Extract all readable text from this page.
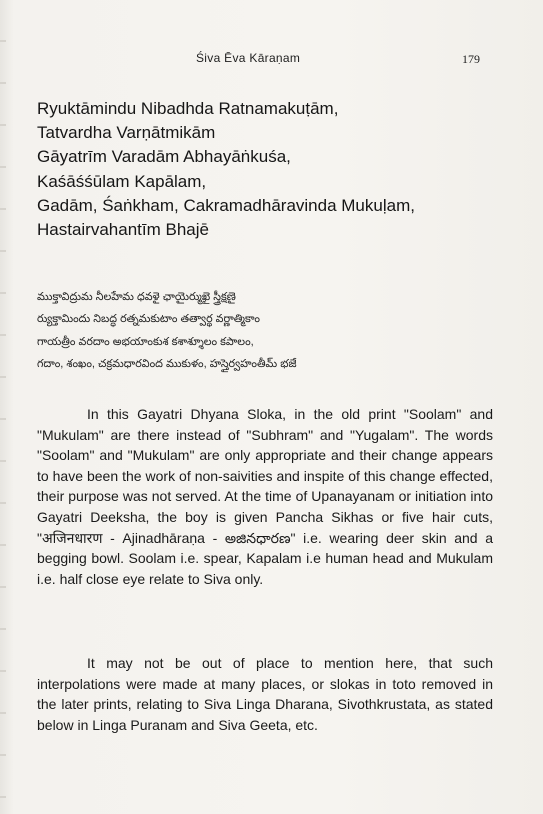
Śiva Ēva Kāraṇam	179
Ryuktāmindu Nibadhda Ratnamakuṭām,
Tatvardha Varṇātmikām
Gāyatrīm Varadām Abhayāṅkuśa,
Kaśāśśūlam Kapālam,
Gadām, Śaṅkham, Cakramadhāravinda Mukuḷam,
Hastairvahantīm Bhajē
ముక్తావిద్రుమ నీలహేమ ధవళై ఛాయైర్ముఖై స్త్రీక్షణై
ర్యుక్తామిందు నిబద్ధ రత్నమకుటాం తత్వార్థ వర్ణాత్మికాం
గాయత్రీం వరదాం అభయాంకుశ కశాశ్శూలం కపాలం,
గదాం, శంఖం, చక్రమధారవింద ముకుళం, హస్తైర్వహంతీమ్ భజే

In this Gayatri Dhyana Sloka, in the old print "Soolam" and "Mukulam" are there instead of "Subhram" and "Yugalam". The words "Soolam" and "Mukulam" are only appropriate and their change appears to have been the work of non-saivities and inspite of this change effected, their purpose was not served. At the time of Upanayanam or initiation into Gayatri Deeksha, the boy is given Pancha Sikhas or five hair cuts, "अजिनधारण - Ajinadhāraṇa - అజినధారణ" i.e. wearing deer skin and a begging bowl. Soolam i.e. spear, Kapalam i.e human head and Mukulam i.e. half close eye relate to Siva only.

It may not be out of place to mention here, that such interpolations were made at many places, or slokas in toto removed in the later prints, relating to Siva Linga Dharana, Sivothkrustata, as stated below in Linga Puranam and Siva Geeta, etc.
